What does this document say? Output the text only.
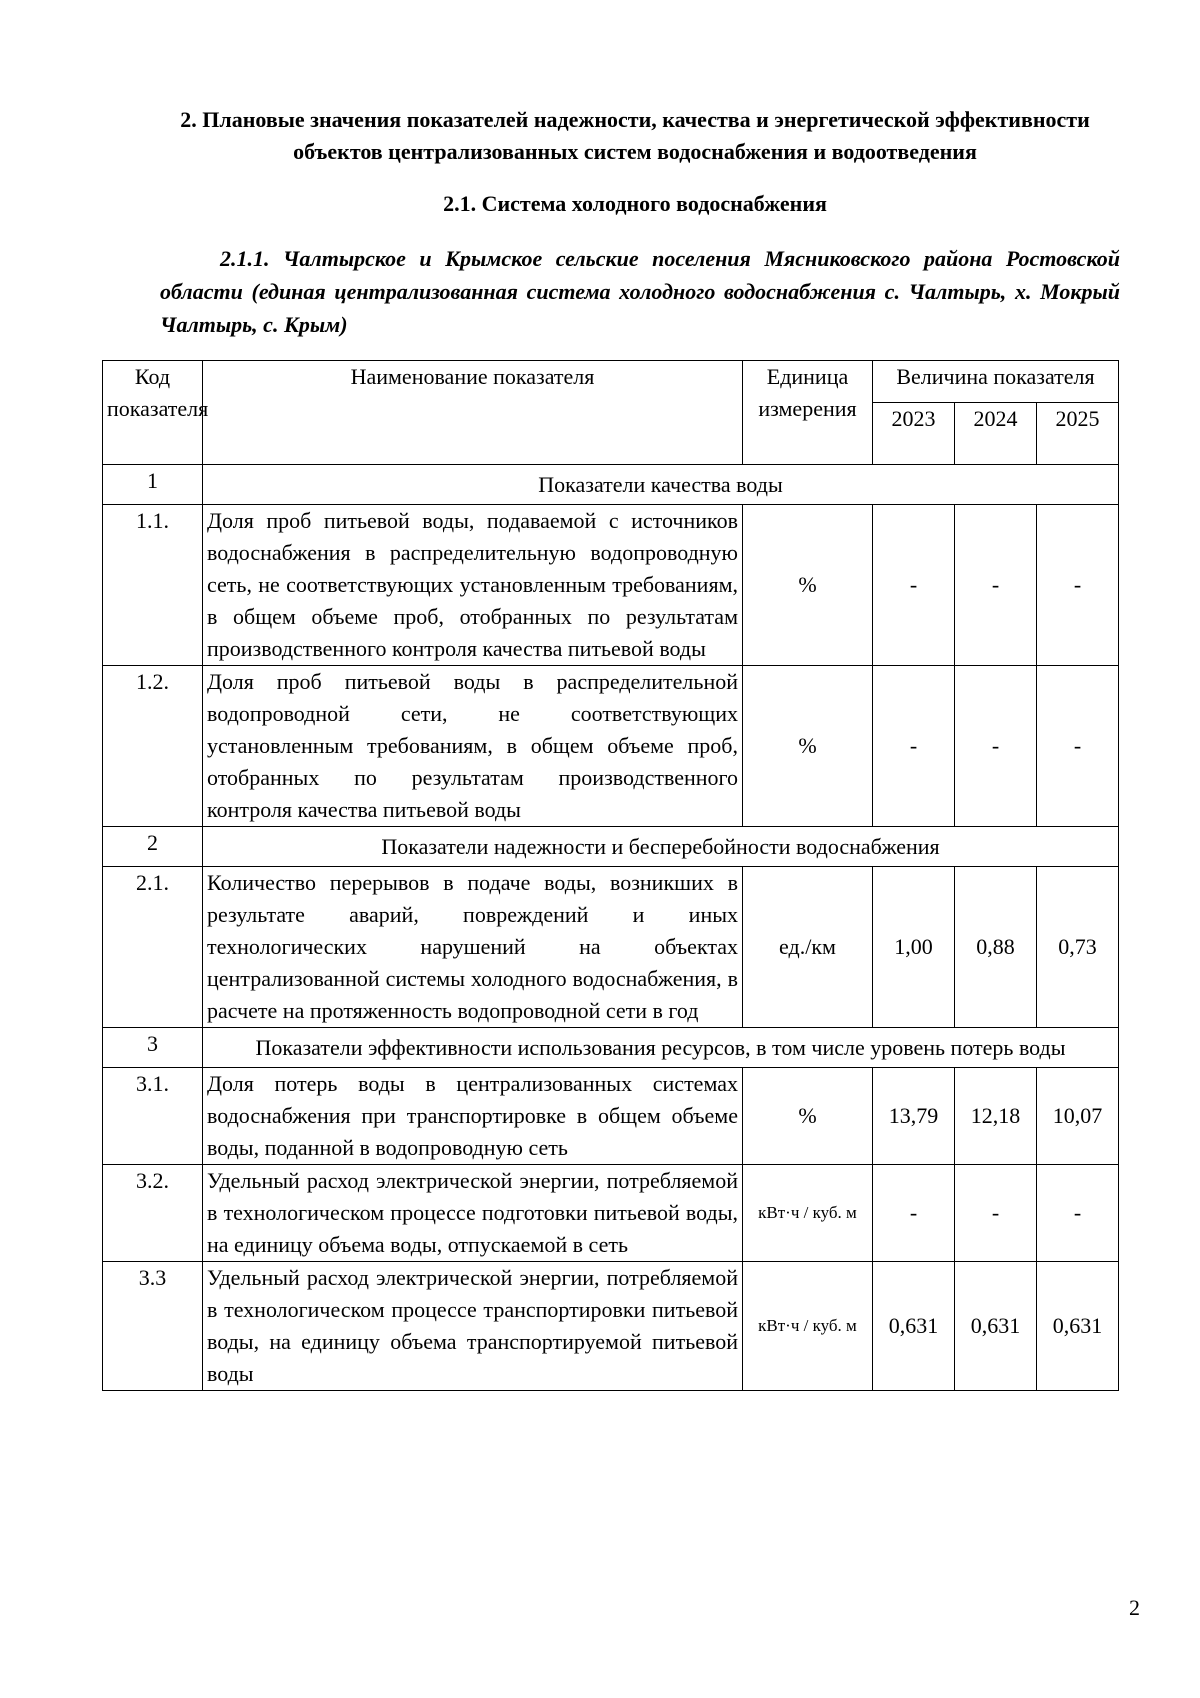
2. Плановые значения показателей надежности, качества и энергетической эффективности объектов централизованных систем водоснабжения и водоотведения
2.1. Система холодного водоснабжения
2.1.1. Чалтырское и Крымское сельские поселения Мясниковского района Ростовской области (единая централизованная система холодного водоснабжения с. Чалтырь, х. Мокрый Чалтырь, с. Крым)
Код показателя	Наименование показателя	Единица измерения	Величина показателя		
			2023	2024	2025
1	Показатели качества воды				
1.1.	Доля проб питьевой воды, подаваемой с источников водоснабжения в распределительную водопроводную сеть, не соответствующих установленным требованиям, в общем объеме проб, отобранных по результатам производственного контроля качества питьевой воды	%	-	-	-
1.2.	Доля проб питьевой воды в распределительной водопроводной сети, не соответствующих установленным требованиям, в общем объеме проб, отобранных по результатам производственного контроля качества питьевой воды	%	-	-	-
2	Показатели надежности и бесперебойности водоснабжения				
2.1.	Количество перерывов в подаче воды, возникших в результате аварий, повреждений и иных технологических нарушений на объектах централизованной системы холодного водоснабжения, в расчете на протяженность водопроводной сети в год	ед./км	1,00	0,88	0,73
3	Показатели эффективности использования ресурсов, в том числе уровень потерь воды				
3.1.	Доля потерь воды в централизованных системах водоснабжения при транспортировке в общем объеме воды, поданной в водопроводную сеть	%	13,79	12,18	10,07
3.2.	Удельный расход электрической энергии, потребляемой в технологическом процессе подготовки питьевой воды, на единицу объема воды, отпускаемой в сеть	кВт·ч / куб. м	-	-	-
3.3	Удельный расход электрической энергии, потребляемой в технологическом процессе транспортировки питьевой воды, на единицу объема транспортируемой питьевой воды	кВт·ч / куб. м	0,631	0,631	0,631
2
